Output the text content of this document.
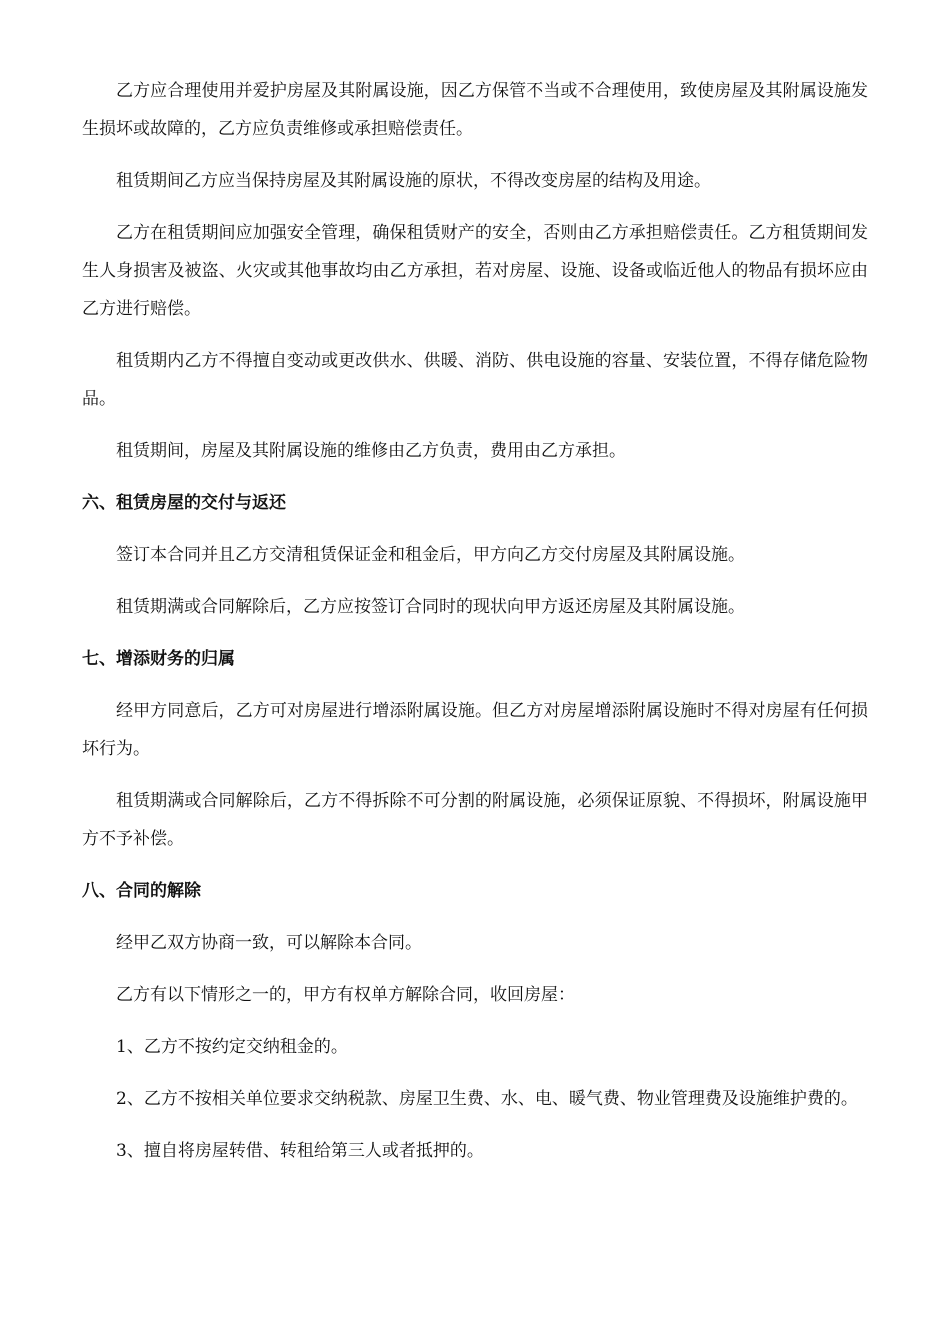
乙方应合理使用并爱护房屋及其附属设施，因乙方保管不当或不合理使用，致使房屋及其附属设施发生损坏或故障的，乙方应负责维修或承担赔偿责任。

租赁期间乙方应当保持房屋及其附属设施的原状，不得改变房屋的结构及用途。

乙方在租赁期间应加强安全管理，确保租赁财产的安全，否则由乙方承担赔偿责任。乙方租赁期间发生人身损害及被盗、火灾或其他事故均由乙方承担，若对房屋、设施、设备或临近他人的物品有损坏应由乙方进行赔偿。

租赁期内乙方不得擅自变动或更改供水、供暖、消防、供电设施的容量、安装位置，不得存储危险物品。

租赁期间，房屋及其附属设施的维修由乙方负责，费用由乙方承担。

六、租赁房屋的交付与返还

签订本合同并且乙方交清租赁保证金和租金后，甲方向乙方交付房屋及其附属设施。

租赁期满或合同解除后，乙方应按签订合同时的现状向甲方返还房屋及其附属设施。

七、增添财务的归属

经甲方同意后，乙方可对房屋进行增添附属设施。但乙方对房屋增添附属设施时不得对房屋有任何损坏行为。

租赁期满或合同解除后，乙方不得拆除不可分割的附属设施，必须保证原貌、不得损坏，附属设施甲方不予补偿。

八、合同的解除

经甲乙双方协商一致，可以解除本合同。

乙方有以下情形之一的，甲方有权单方解除合同，收回房屋：

1、乙方不按约定交纳租金的。

2、乙方不按相关单位要求交纳税款、房屋卫生费、水、电、暖气费、物业管理费及设施维护费的。

3、擅自将房屋转借、转租给第三人或者抵押的。
